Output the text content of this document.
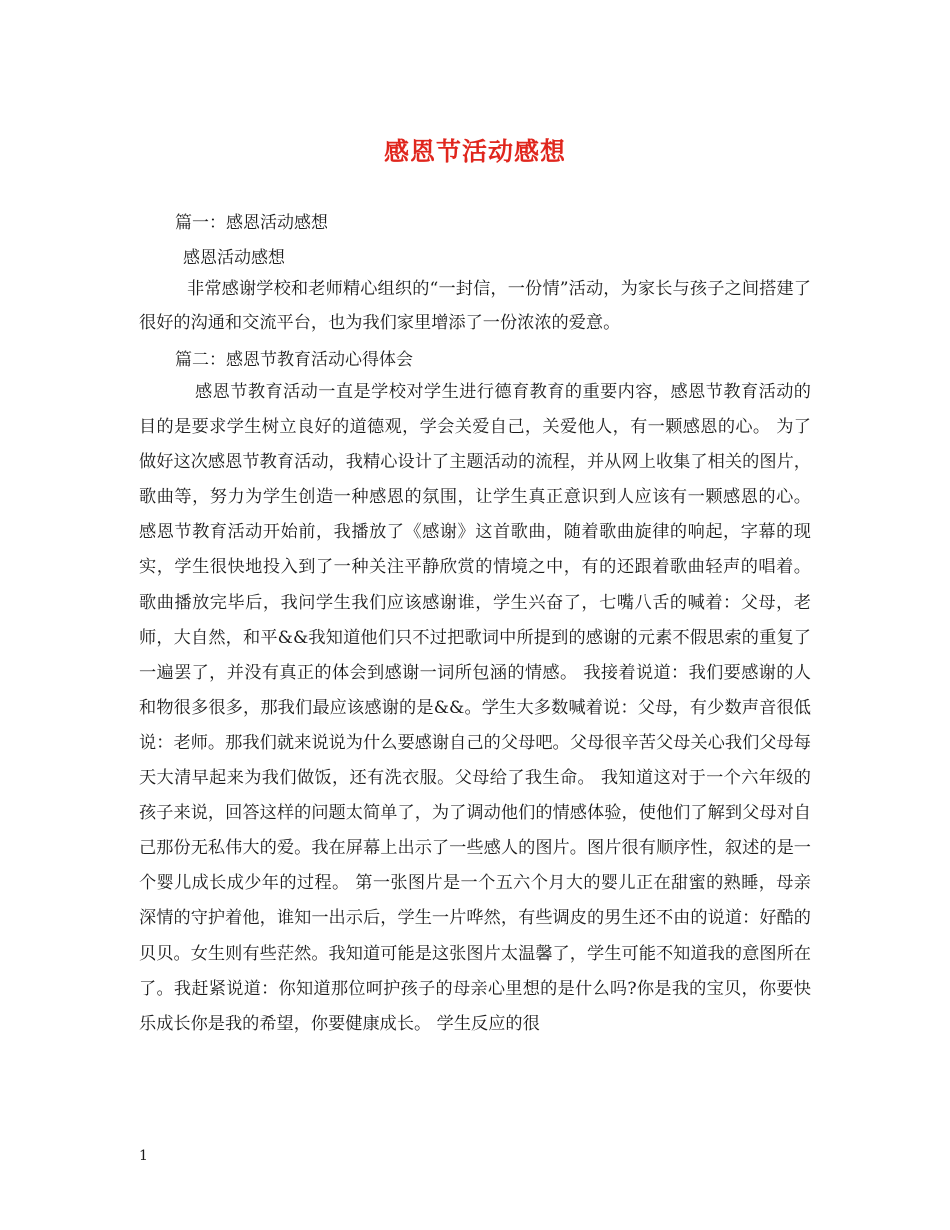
感恩节活动感想
篇一：感恩活动感想
感恩活动感想
非常感谢学校和老师精心组织的“一封信，一份情”活动，为家长与孩子之间搭建了很好的沟通和交流平台，也为我们家里增添了一份浓浓的爱意。
篇二：感恩节教育活动心得体会
感恩节教育活动一直是学校对学生进行德育教育的重要内容，感恩节教育活动的目的是要求学生树立良好的道德观，学会关爱自己，关爱他人，有一颗感恩的心。 为了做好这次感恩节教育活动，我精心设计了主题活动的流程，并从网上收集了相关的图片，歌曲等，努力为学生创造一种感恩的氛围，让学生真正意识到人应该有一颗感恩的心。 感恩节教育活动开始前，我播放了《感谢》这首歌曲，随着歌曲旋律的响起，字幕的现实，学生很快地投入到了一种关注平静欣赏的情境之中，有的还跟着歌曲轻声的唱着。 歌曲播放完毕后，我问学生我们应该感谢谁，学生兴奋了，七嘴八舌的喊着：父母，老师，大自然，和平&&我知道他们只不过把歌词中所提到的感谢的元素不假思索的重复了一遍罢了，并没有真正的体会到感谢一词所包涵的情感。 我接着说道：我们要感谢的人和物很多很多，那我们最应该感谢的是&&。学生大多数喊着说：父母，有少数声音很低说：老师。那我们就来说说为什么要感谢自己的父母吧。父母很辛苦父母关心我们父母每天大清早起来为我们做饭，还有洗衣服。父母给了我生命。 我知道这对于一个六年级的孩子来说，回答这样的问题太简单了，为了调动他们的情感体验，使他们了解到父母对自己那份无私伟大的爱。我在屏幕上出示了一些感人的图片。图片很有顺序性，叙述的是一个婴儿成长成少年的过程。 第一张图片是一个五六个月大的婴儿正在甜蜜的熟睡，母亲深情的守护着他，谁知一出示后，学生一片哗然，有些调皮的男生还不由的说道：好酷的贝贝。女生则有些茫然。我知道可能是这张图片太温馨了，学生可能不知道我的意图所在了。我赶紧说道：你知道那位呵护孩子的母亲心里想的是什么吗?你是我的宝贝，你要快乐成长你是我的希望，你要健康成长。 学生反应的很
1
